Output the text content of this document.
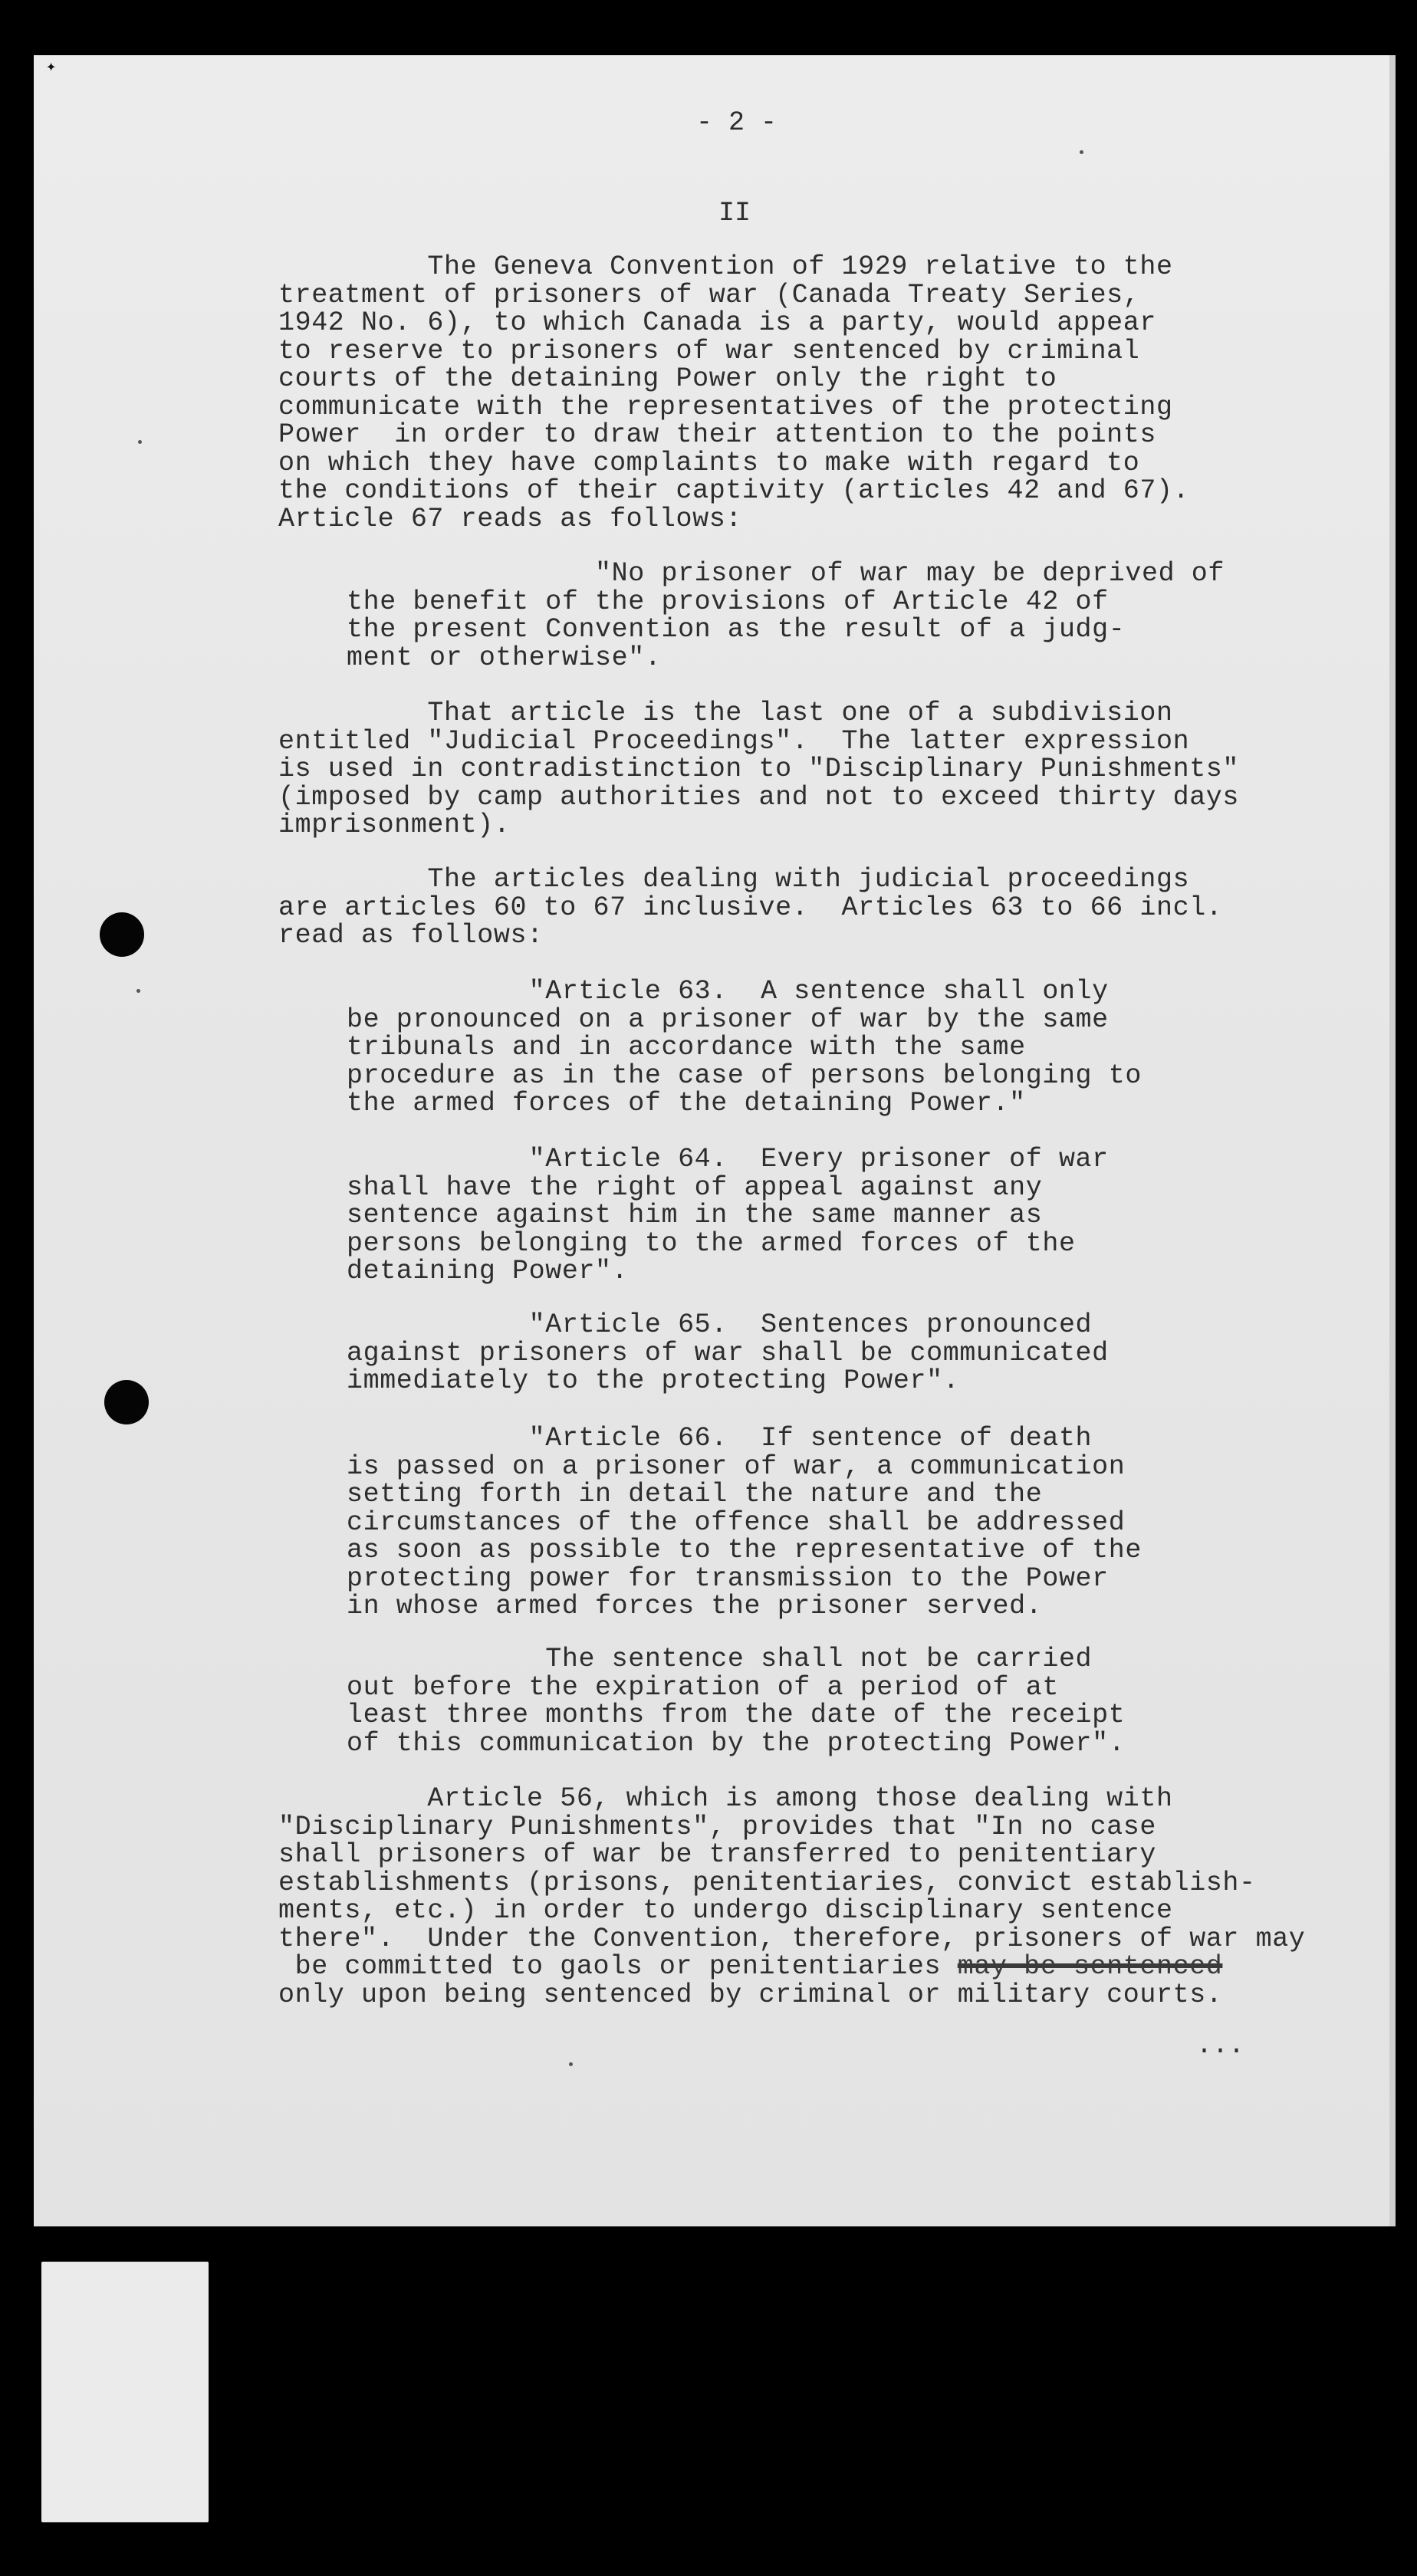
✦
- 2 -
II
The Geneva Convention of 1929 relative to the
treatment of prisoners of war (Canada Treaty Series,
1942 No. 6), to which Canada is a party, would appear
to reserve to prisoners of war sentenced by criminal
courts of the detaining Power only the right to
communicate with the representatives of the protecting
Power  in order to draw their attention to the points
on which they have complaints to make with regard to
the conditions of their captivity (articles 42 and 67).
Article 67 reads as follows:
"No prisoner of war may be deprived of
the benefit of the provisions of Article 42 of
the present Convention as the result of a judg-
ment or otherwise".
That article is the last one of a subdivision
entitled "Judicial Proceedings".  The latter expression
is used in contradistinction to "Disciplinary Punishments"
(imposed by camp authorities and not to exceed thirty days
imprisonment).
The articles dealing with judicial proceedings
are articles 60 to 67 inclusive.  Articles 63 to 66 incl.
read as follows:
"Article 63.  A sentence shall only
be pronounced on a prisoner of war by the same
tribunals and in accordance with the same
procedure as in the case of persons belonging to
the armed forces of the detaining Power."
"Article 64.  Every prisoner of war
shall have the right of appeal against any
sentence against him in the same manner as
persons belonging to the armed forces of the
detaining Power".
"Article 65.  Sentences pronounced
against prisoners of war shall be communicated
immediately to the protecting Power".
"Article 66.  If sentence of death
is passed on a prisoner of war, a communication
setting forth in detail the nature and the
circumstances of the offence shall be addressed
as soon as possible to the representative of the
protecting power for transmission to the Power
in whose armed forces the prisoner served.
The sentence shall not be carried
out before the expiration of a period of at
least three months from the date of the receipt
of this communication by the protecting Power".
Article 56, which is among those dealing with
"Disciplinary Punishments", provides that "In no case
shall prisoners of war be transferred to penitentiary
establishments (prisons, penitentiaries, convict establish-
ments, etc.) in order to undergo disciplinary sentence
there".  Under the Convention, therefore, prisoners of war may
be committed to gaols or penitentiaries may be sentenced
only upon being sentenced by criminal or military courts.
...
